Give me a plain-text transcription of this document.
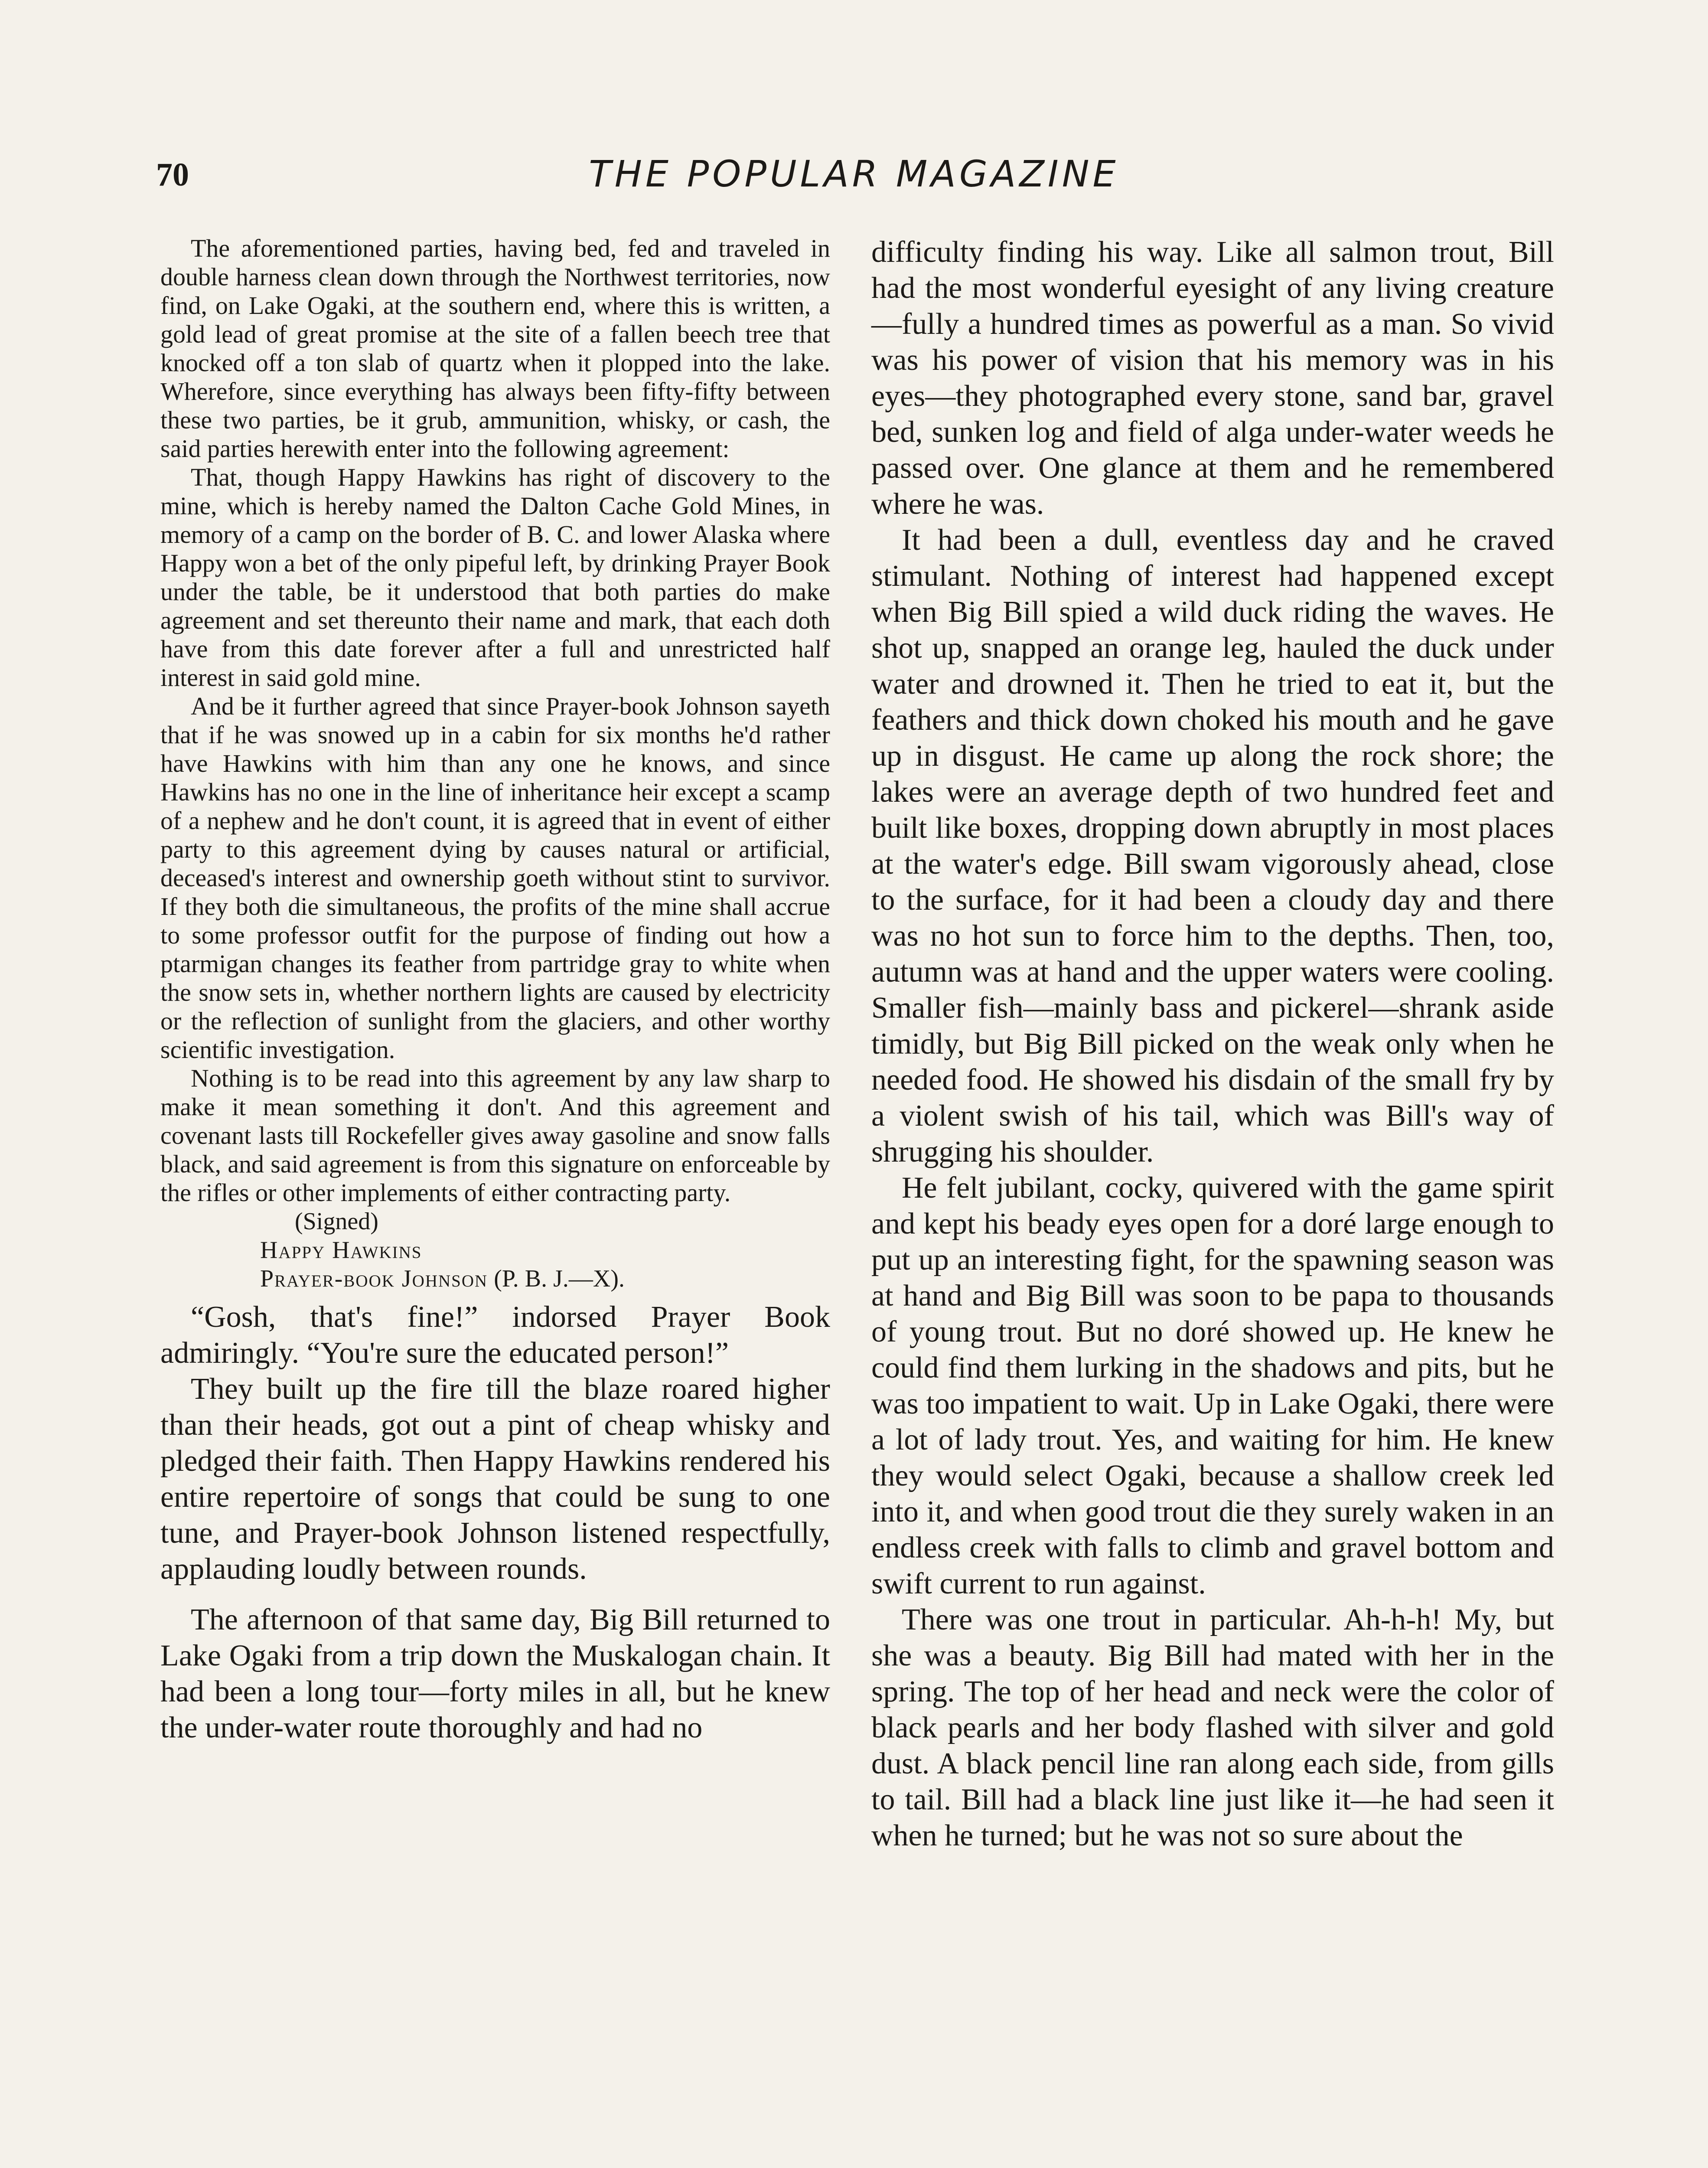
70	THE POPULAR MAGAZINE

The aforementioned parties, having bed, fed and traveled in double harness clean down through the Northwest territories, now find, on Lake Ogaki, at the southern end, where this is written, a gold lead of great promise at the site of a fallen beech tree that knocked off a ton slab of quartz when it plopped into the lake. Wherefore, since everything has always been fifty-fifty between these two parties, be it grub, ammunition, whisky, or cash, the said parties herewith enter into the following agreement:

That, though Happy Hawkins has right of discovery to the mine, which is hereby named the Dalton Cache Gold Mines, in memory of a camp on the border of B. C. and lower Alaska where Happy won a bet of the only pipeful left, by drinking Prayer Book under the table, be it understood that both parties do make agreement and set thereunto their name and mark, that each doth have from this date forever after a full and unrestricted half interest in said gold mine.

And be it further agreed that since Prayer-book Johnson sayeth that if he was snowed up in a cabin for six months he'd rather have Hawkins with him than any one he knows, and since Hawkins has no one in the line of inheritance heir except a scamp of a nephew and he don't count, it is agreed that in event of either party to this agreement dying by causes natural or artificial, deceased's interest and ownership goeth without stint to survivor. If they both die simultaneous, the profits of the mine shall accrue to some professor outfit for the purpose of finding out how a ptarmigan changes its feather from partridge gray to white when the snow sets in, whether northern lights are caused by electricity or the reflection of sunlight from the glaciers, and other worthy scientific investigation.

Nothing is to be read into this agreement by any law sharp to make it mean something it don't. And this agreement and covenant lasts till Rockefeller gives away gasoline and snow falls black, and said agreement is from this signature on enforceable by the rifles or other implements of either contracting party.

(Signed)
Happy Hawkins
Prayer-book Johnson (P. B. J.—X).

“Gosh, that's fine!” indorsed Prayer Book admiringly. “You're sure the educated person!”

They built up the fire till the blaze roared higher than their heads, got out a pint of cheap whisky and pledged their faith. Then Happy Hawkins rendered his entire repertoire of songs that could be sung to one tune, and Prayer-book Johnson listened respectfully, applauding loudly between rounds.

The afternoon of that same day, Big Bill returned to Lake Ogaki from a trip down the Muskalogan chain. It had been a long tour—forty miles in all, but he knew the under-water route thoroughly and had no

difficulty finding his way. Like all salmon trout, Bill had the most wonderful eyesight of any living creature—fully a hundred times as powerful as a man. So vivid was his power of vision that his memory was in his eyes—they photographed every stone, sand bar, gravel bed, sunken log and field of alga under-water weeds he passed over. One glance at them and he remembered where he was.

It had been a dull, eventless day and he craved stimulant. Nothing of interest had happened except when Big Bill spied a wild duck riding the waves. He shot up, snapped an orange leg, hauled the duck under water and drowned it. Then he tried to eat it, but the feathers and thick down choked his mouth and he gave up in disgust. He came up along the rock shore; the lakes were an average depth of two hundred feet and built like boxes, dropping down abruptly in most places at the water's edge. Bill swam vigorously ahead, close to the surface, for it had been a cloudy day and there was no hot sun to force him to the depths. Then, too, autumn was at hand and the upper waters were cooling. Smaller fish—mainly bass and pickerel—shrank aside timidly, but Big Bill picked on the weak only when he needed food. He showed his disdain of the small fry by a violent swish of his tail, which was Bill's way of shrugging his shoulder.

He felt jubilant, cocky, quivered with the game spirit and kept his beady eyes open for a doré large enough to put up an interesting fight, for the spawning season was at hand and Big Bill was soon to be papa to thousands of young trout. But no doré showed up. He knew he could find them lurking in the shadows and pits, but he was too impatient to wait. Up in Lake Ogaki, there were a lot of lady trout. Yes, and waiting for him. He knew they would select Ogaki, because a shallow creek led into it, and when good trout die they surely waken in an endless creek with falls to climb and gravel bottom and swift current to run against.

There was one trout in particular. Ah-h-h! My, but she was a beauty. Big Bill had mated with her in the spring. The top of her head and neck were the color of black pearls and her body flashed with silver and gold dust. A black pencil line ran along each side, from gills to tail. Bill had a black line just like it—he had seen it when he turned; but he was not so sure about the
